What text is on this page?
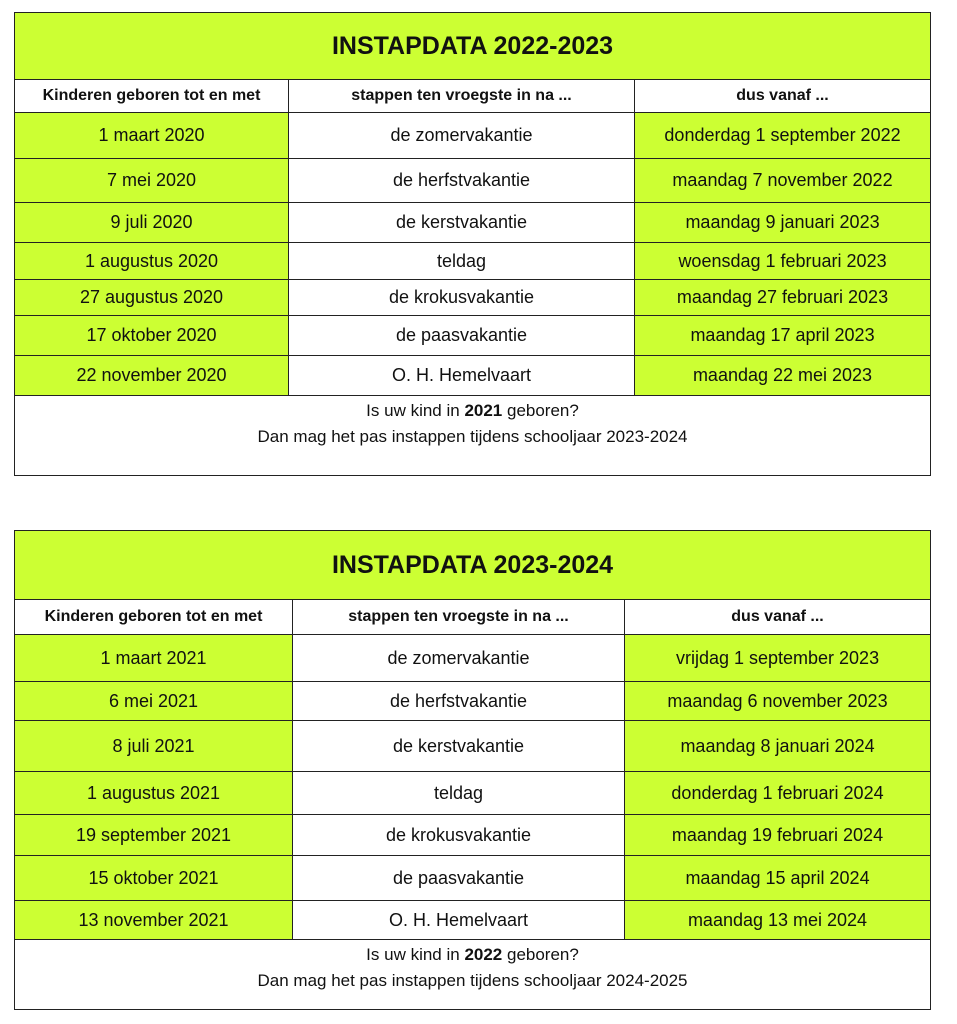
INSTAPDATA 2022-2023		
Kinderen geboren tot en met	stappen ten vroegste in na ...	dus vanaf ...
1 maart 2020	de zomervakantie	donderdag 1 september 2022
7 mei 2020	de herfstvakantie	maandag 7 november 2022
9 juli 2020	de kerstvakantie	maandag 9 januari 2023
1 augustus 2020	teldag	woensdag 1 februari 2023
27 augustus 2020	de krokusvakantie	maandag 27 februari 2023
17 oktober 2020	de paasvakantie	maandag 17 april 2023
22 november 2020	O. H. Hemelvaart	maandag 22 mei 2023

Is uw kind in 2021 geboren?
Dan mag het pas instappen tijdens schooljaar 2023-2024		
INSTAPDATA 2023-2024		
Kinderen geboren tot en met	stappen ten vroegste in na ...	dus vanaf ...
1 maart 2021	de zomervakantie	vrijdag 1 september 2023
6 mei 2021	de herfstvakantie	maandag 6 november 2023
8 juli 2021	de kerstvakantie	maandag 8 januari 2024
1 augustus 2021	teldag	donderdag 1 februari 2024
19 september 2021	de krokusvakantie	maandag 19 februari 2024
15 oktober 2021	de paasvakantie	maandag 15 april 2024
13 november 2021	O. H. Hemelvaart	maandag 13 mei 2024

Is uw kind in 2022 geboren?
Dan mag het pas instappen tijdens schooljaar 2024-2025		
